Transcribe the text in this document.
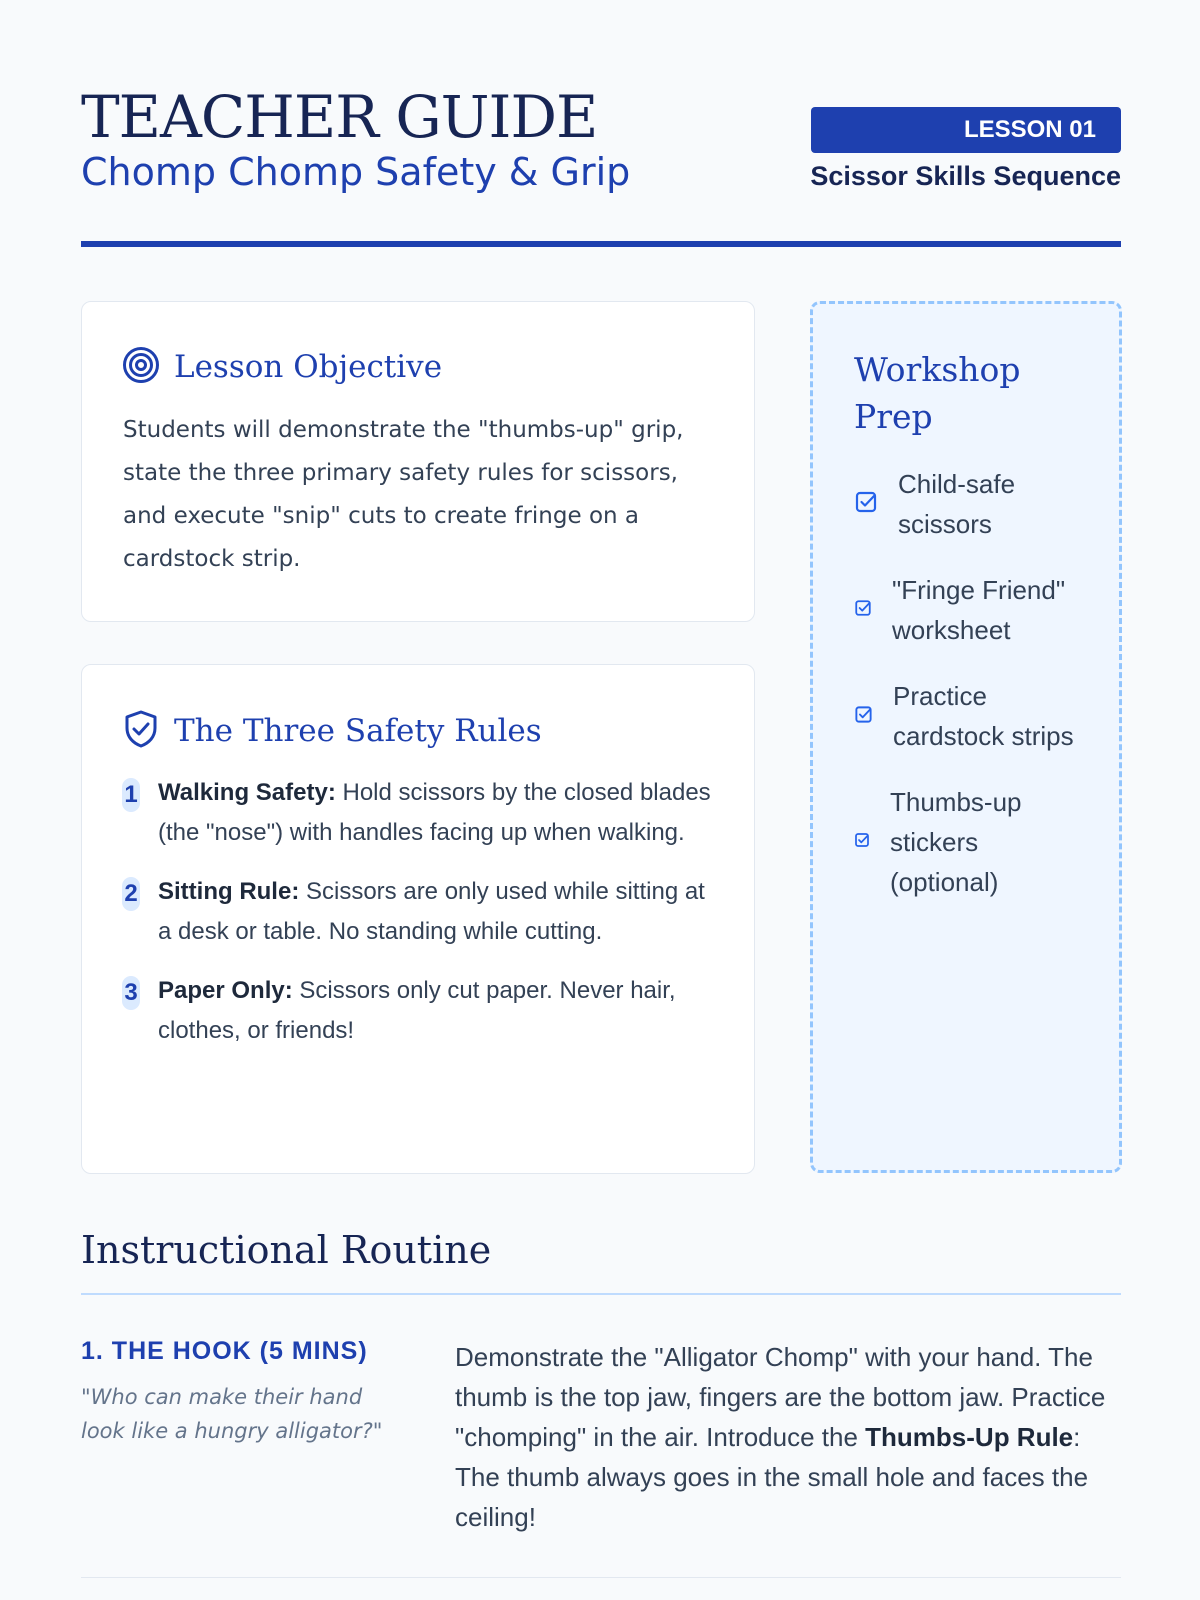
TEACHER GUIDE
Chomp Chomp Safety & Grip
LESSON 01
Scissor Skills Sequence
Lesson Objective

Students will demonstrate the "thumbs-up" grip, state the three primary safety rules for scissors, and execute "snip" cuts to create fringe on a cardstock strip.

The Three Safety Rules
1 Walking Safety: Hold scissors by the closed blades (the "nose") with handles facing up when walking.
2 Sitting Rule: Scissors are only used while sitting at a desk or table. No standing while cutting.
3 Paper Only: Scissors only cut paper. Never hair, clothes, or friends!
Workshop Prep
Child-safe scissors
"Fringe Friend" worksheet
Practice cardstock strips
Thumbs-up stickers (optional)
Instructional Routine
1. THE HOOK (5 MINS)

"Who can make their hand look like a hungry alligator?"

Demonstrate the "Alligator Chomp" with your hand. The thumb is the top jaw, fingers are the bottom jaw. Practice "chomping" in the air. Introduce the Thumbs-Up Rule: The thumb always goes in the small hole and faces the ceiling!
